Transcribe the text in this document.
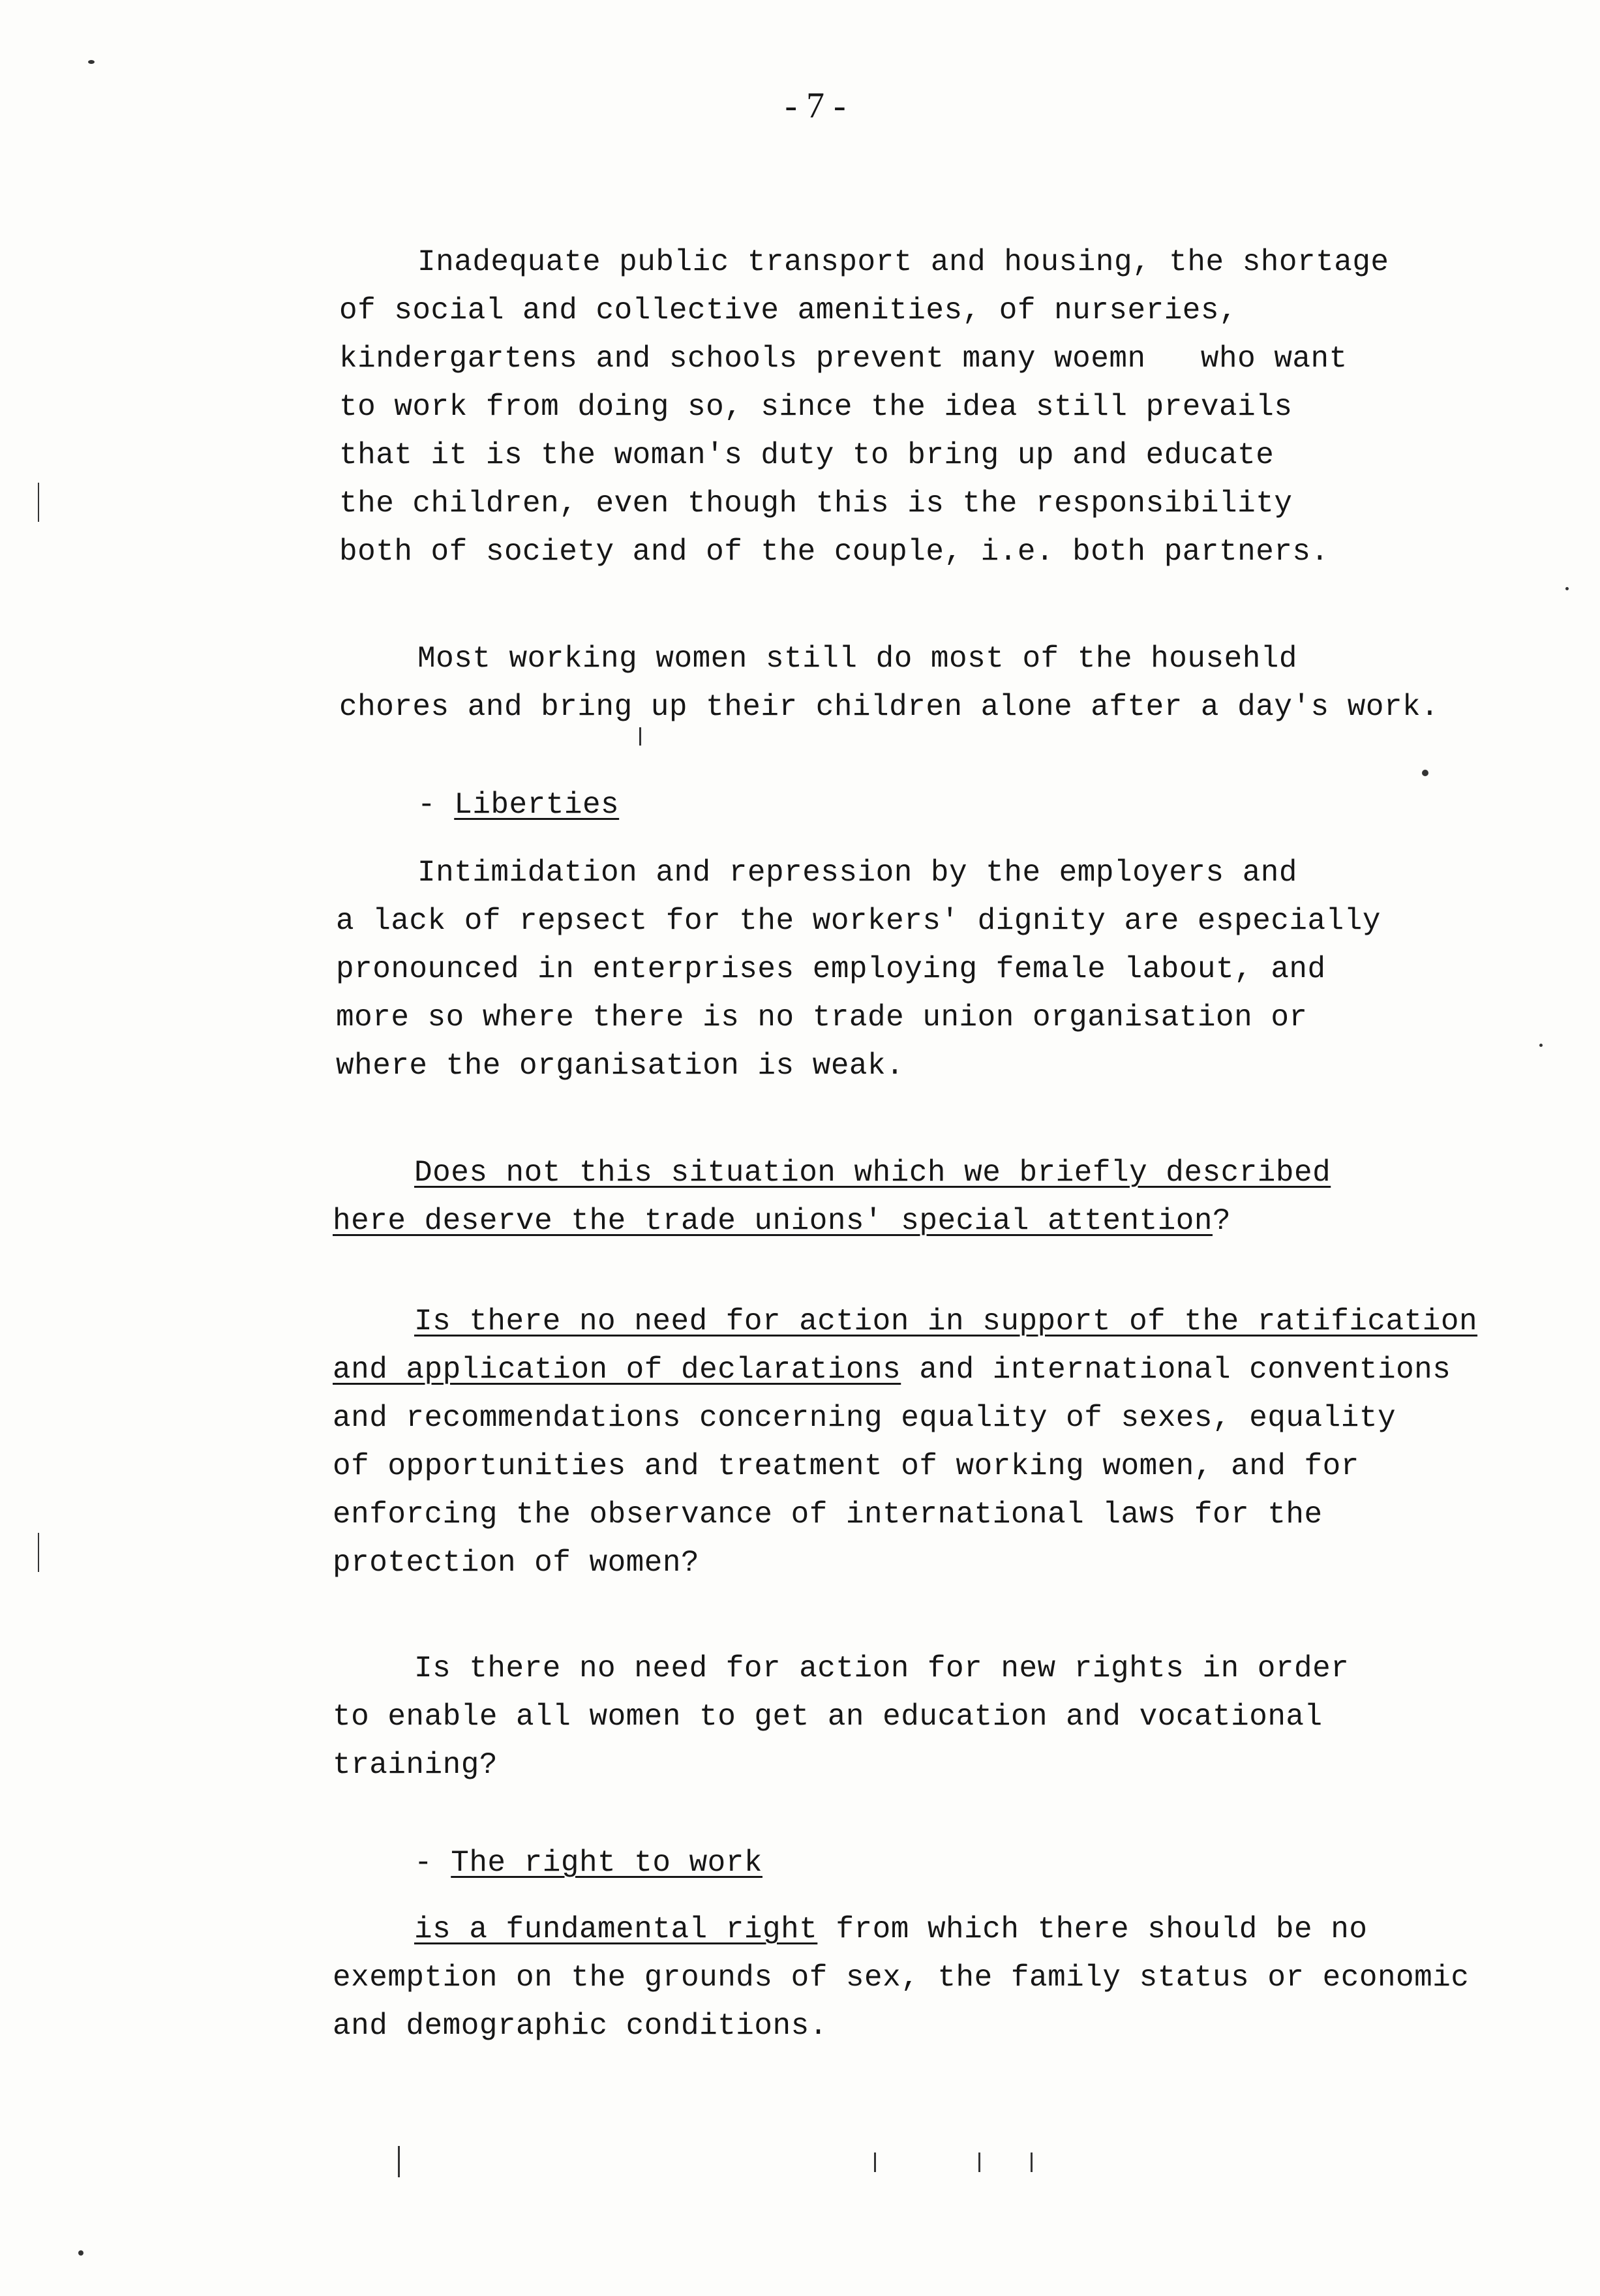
- 7 -
Inadequate public transport and housing, the shortage
of social and collective amenities, of nurseries,
kindergartens and schools prevent many woemn   who want
to work from doing so, since the idea still prevails
that it is the woman's duty to bring up and educate
the children, even though this is the responsibility
both of society and of the couple, i.e. both partners.
Most working women still do most of the househld
chores and bring up their children alone after a day's work.
- Liberties
Intimidation and repression by the employers and
a lack of repsect for the workers' dignity are especially
pronounced in enterprises employing female labout, and
more so where there is no trade union organisation or
where the organisation is weak.
Does not this situation which we briefly described
here deserve the trade unions' special attention?
Is there no need for action in support of the ratification
and application of declarations and international conventions
and recommendations concerning equality of sexes, equality
of opportunities and treatment of working women, and for
enforcing the observance of international laws for the
protection of women?
Is there no need for action for new rights in order
to enable all women to get an education and vocational
training?
- The right to work
is a fundamental right from which there should be no
exemption on the grounds of sex, the family status or economic
and demographic conditions.
